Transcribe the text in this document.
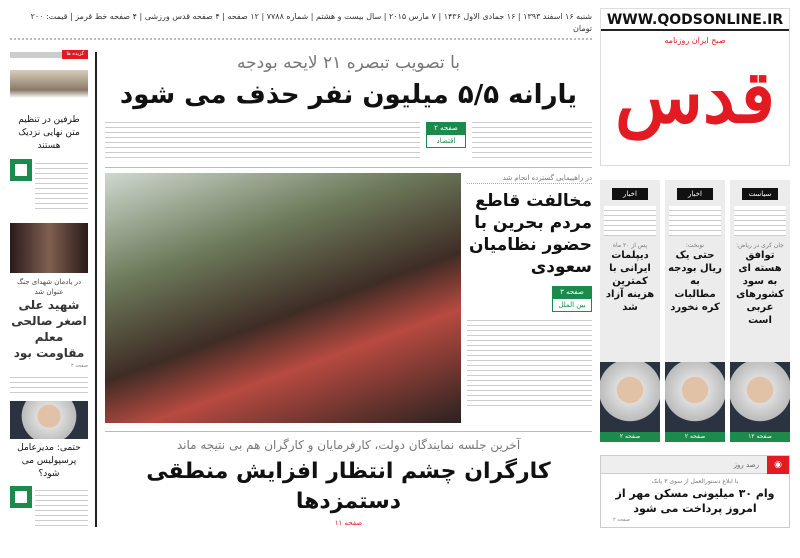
شنبه ۱۶ اسفند ۱۳۹۳ | ۱۶ جمادی الاول ۱۴۳۶ | ۷ مارس ۲۰۱۵ | سال بیست و هشتم | شماره ۷۷۸۸ | ۱۲ صفحه | ۴ صفحه قدس ورزشی | ۴ صفحه خط قرمز | قیمت: ۲۰۰ تومان
گزیده ها
طرفین در تنظیم متن نهایی نزدیک هستند
در یادمان شهدای جنگ عنوان شد
شهید علی اصغر صالحی معلم مقاومت بود
صفحه ۳
حتمی: مدیرعامل پرسپولیس می شود؟
با تصویب تبصره ۲۱ لایحه بودجه
یارانه ۵/۵ میلیون نفر حذف می شود
صفحه ۲
اقتصاد
در راهپیمایی گسترده انجام شد
مخالفت قاطع مردم بحرین با حضور نظامیان سعودی
صفحه ۳
بین الملل
آخرین جلسه نمایندگان دولت، کارفرمایان و کارگران هم بی نتیجه ماند
کارگران چشم انتظار افزایش منطقی دستمزدها
صفحه ۱۱
WWW.QODSONLINE.IR
صبح ایران روزنامه
قدس
سیاست
جان کری در ریاض:
توافق هسته ای به سود کشورهای عربی است
صفحه ۱۲
اخبار
نوبخت:
حتی یک ریال بودجه به مطالبات کره نخورد
صفحه ۲
اخبار
پس از ۲۰ ماه
دیپلمات ایرانی با کمترین هزینه آزاد شد
صفحه ۲
◉
رصد روز
با ابلاغ دستورالعمل از سوی ۳ بانک
وام ۳۰ میلیونی مسکن مهر از امروز پرداخت می شود
صفحه ۲
